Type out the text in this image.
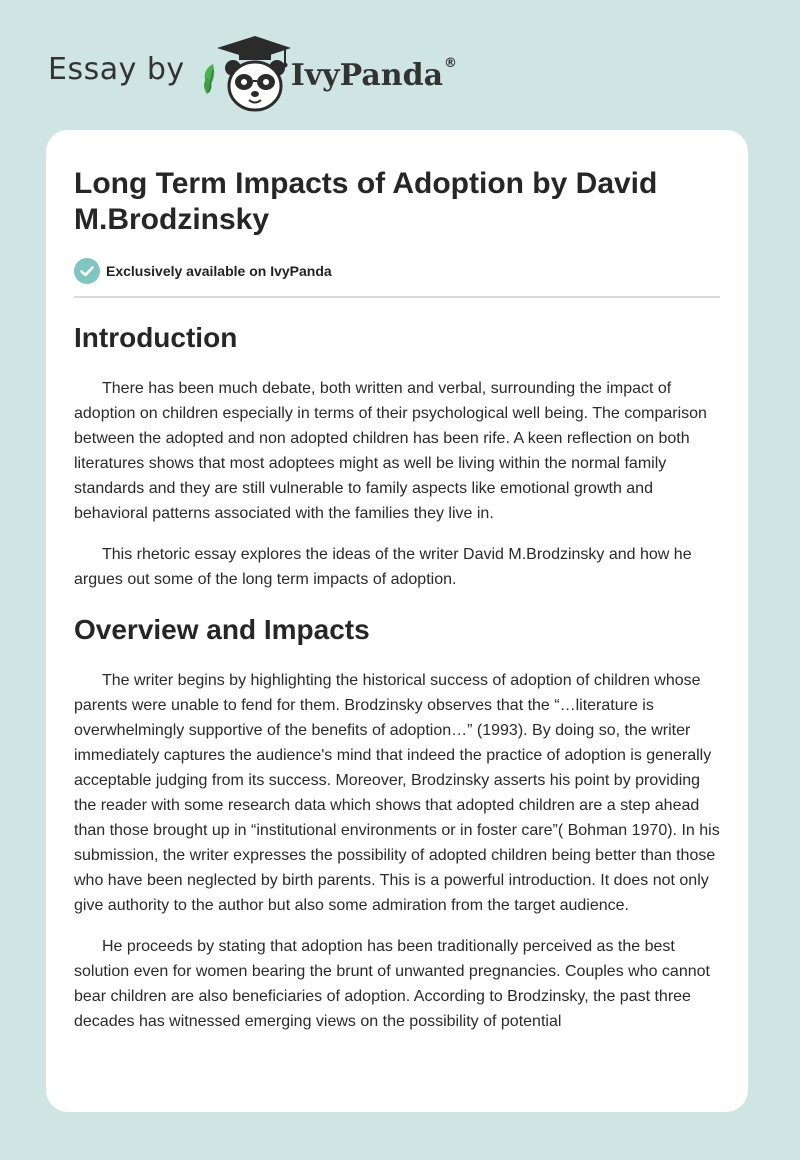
Essay by	IvyPanda®
Long Term Impacts of Adoption by David M.Brodzinsky
Exclusively available on IvyPanda
Introduction

There has been much debate, both written and verbal, surrounding the impact of adoption on children especially in terms of their psychological well being. The comparison between the adopted and non adopted children has been rife. A keen reflection on both literatures shows that most adoptees might as well be living within the normal family standards and they are still vulnerable to family aspects like emotional growth and behavioral patterns associated with the families they live in.

This rhetoric essay explores the ideas of the writer David M.Brodzinsky and how he argues out some of the long term impacts of adoption.

Overview and Impacts

The writer begins by highlighting the historical success of adoption of children whose parents were unable to fend for them. Brodzinsky observes that the “…literature is overwhelmingly supportive of the benefits of adoption…” (1993). By doing so, the writer immediately captures the audience's mind that indeed the practice of adoption is generally acceptable judging from its success. Moreover, Brodzinsky asserts his point by providing the reader with some research data which shows that adopted children are a step ahead than those brought up in “institutional environments or in foster care”( Bohman 1970). In his submission, the writer expresses the possibility of adopted children being better than those who have been neglected by birth parents. This is a powerful introduction. It does not only give authority to the author but also some admiration from the target audience.

He proceeds by stating that adoption has been traditionally perceived as the best solution even for women bearing the brunt of unwanted pregnancies. Couples who cannot bear children are also beneficiaries of adoption. According to Brodzinsky, the past three decades has witnessed emerging views on the possibility of potential
